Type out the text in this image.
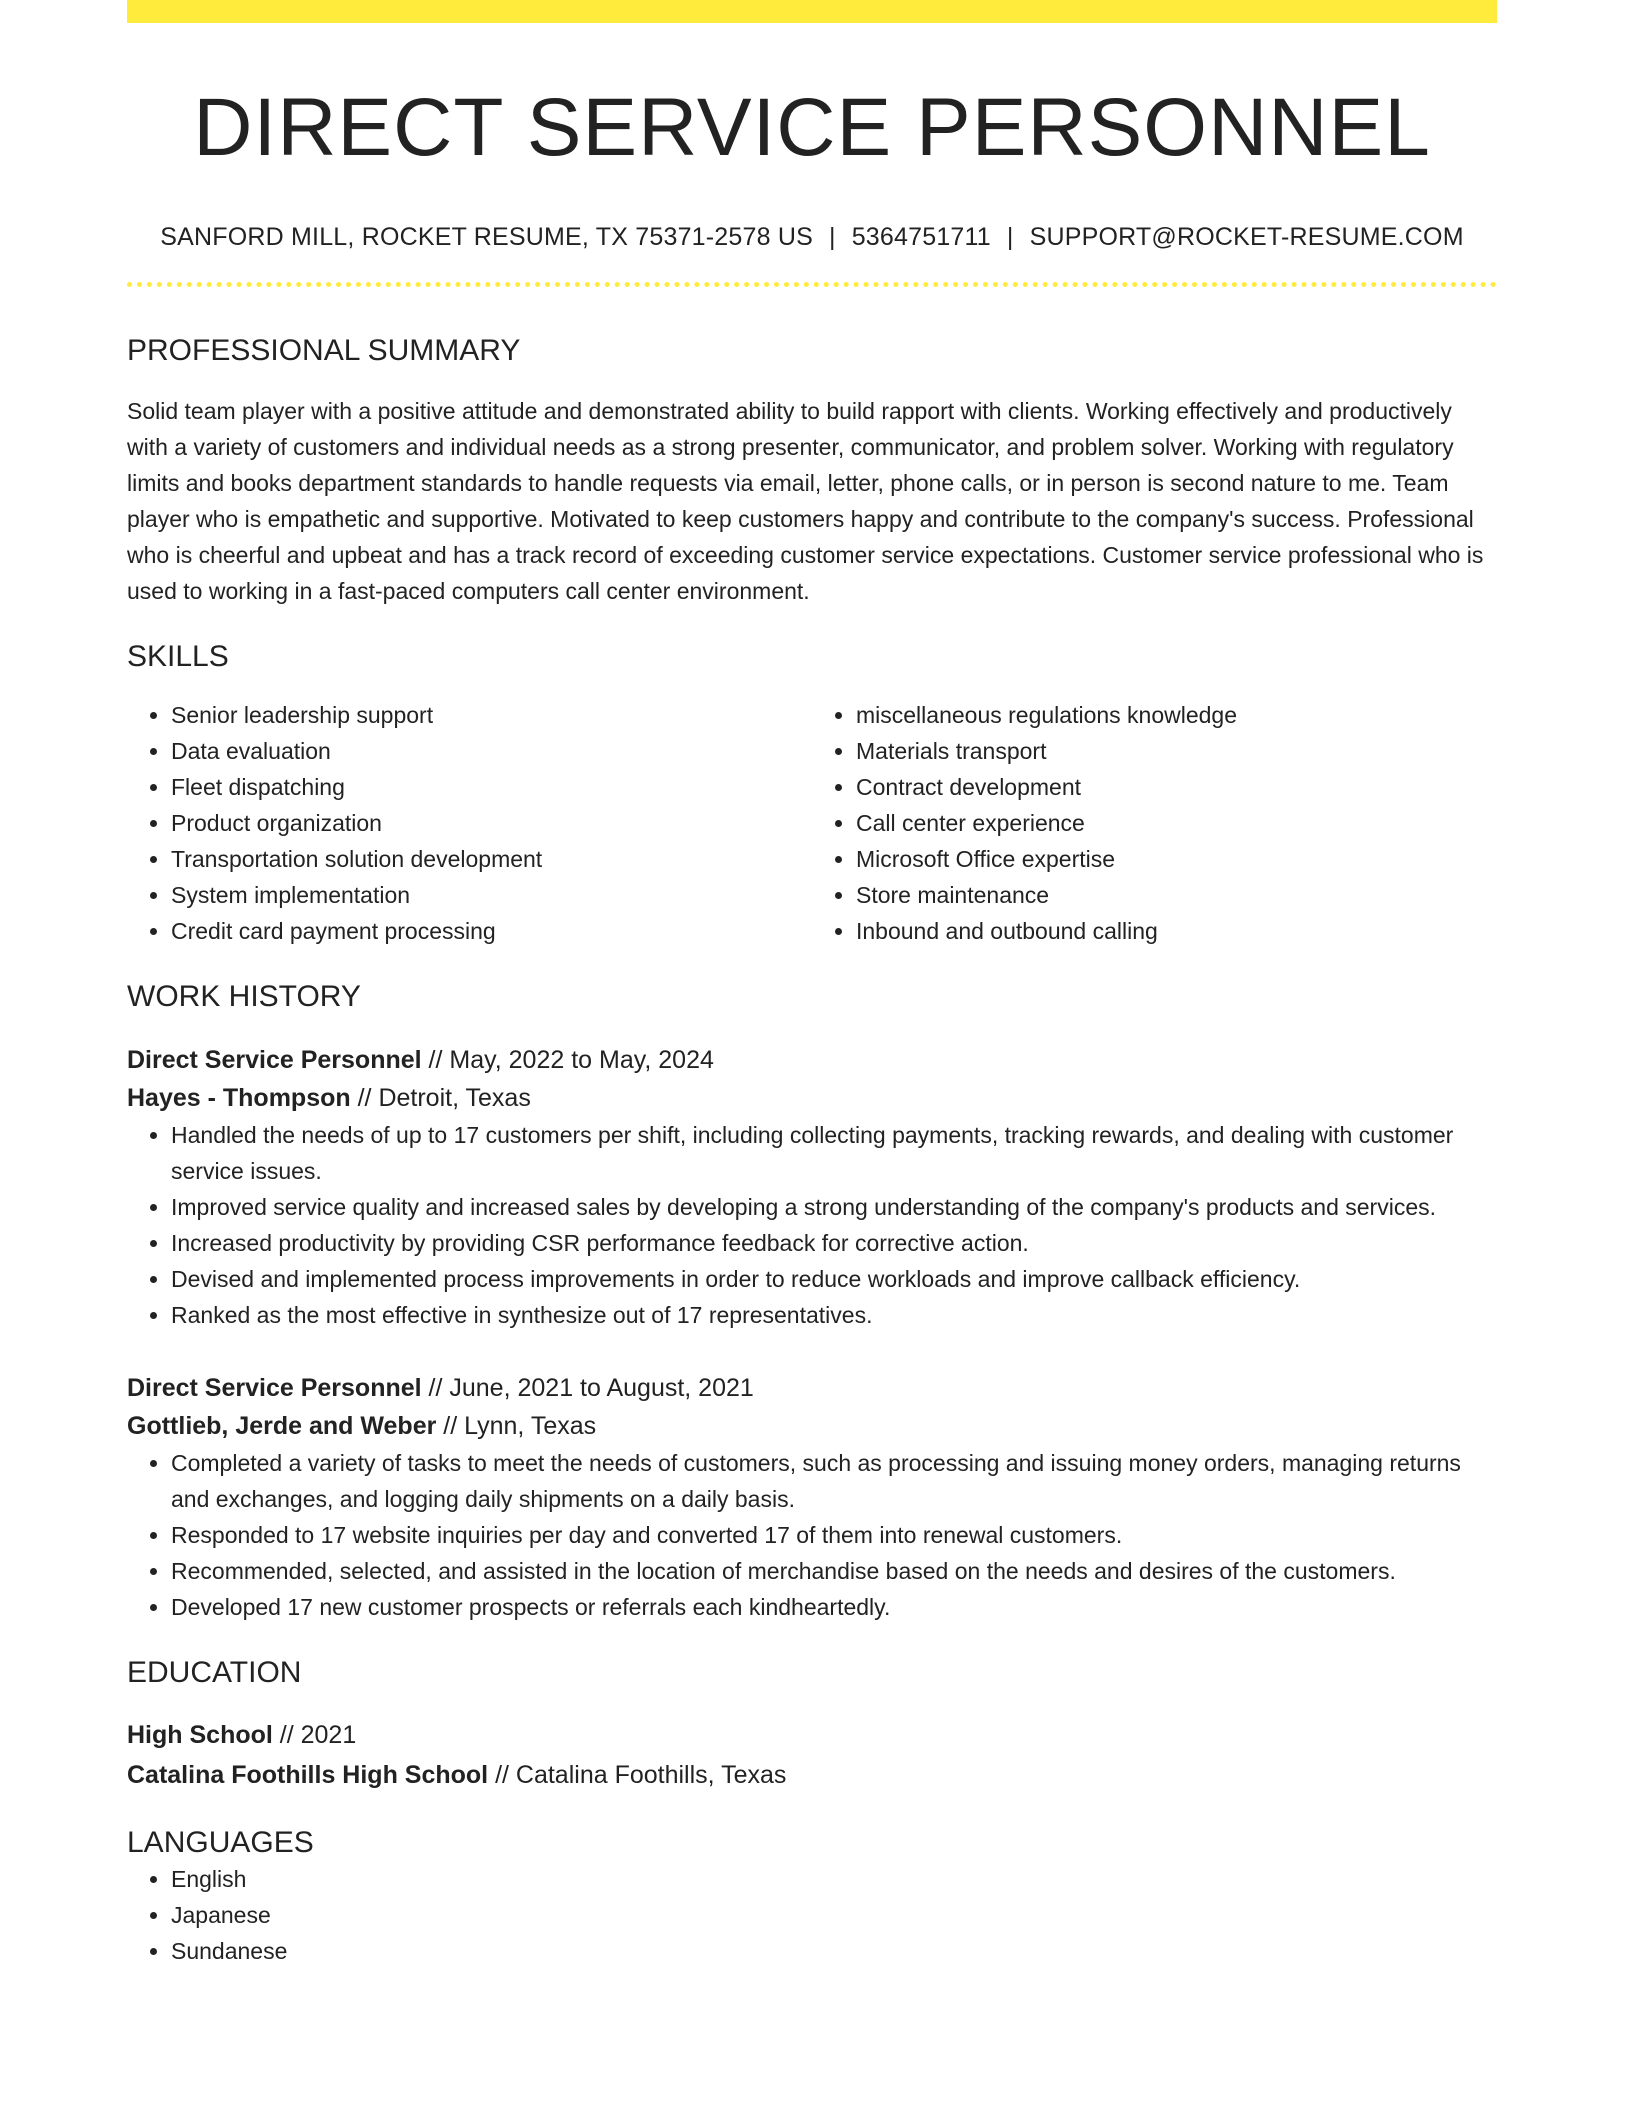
DIRECT SERVICE PERSONNEL
SANFORD MILL, ROCKET RESUME, TX 75371-2578 US | 5364751711 | SUPPORT@ROCKET-RESUME.COM
PROFESSIONAL SUMMARY

Solid team player with a positive attitude and demonstrated ability to build rapport with clients. Working effectively and productively with a variety of customers and individual needs as a strong presenter, communicator, and problem solver. Working with regulatory limits and books department standards to handle requests via email, letter, phone calls, or in person is second nature to me. Team player who is empathetic and supportive. Motivated to keep customers happy and contribute to the company's success. Professional who is cheerful and upbeat and has a track record of exceeding customer service expectations. Customer service professional who is used to working in a fast-paced computers call center environment.

SKILLS
• Senior leadership support
• Data evaluation
• Fleet dispatching
• Product organization
• Transportation solution development
• System implementation
• Credit card payment processing
• miscellaneous regulations knowledge
• Materials transport
• Contract development
• Call center experience
• Microsoft Office expertise
• Store maintenance
• Inbound and outbound calling
WORK HISTORY
Direct Service Personnel // May, 2022 to May, 2024
Hayes - Thompson // Detroit, Texas
• Handled the needs of up to 17 customers per shift, including collecting payments, tracking rewards, and dealing with customer service issues.
• Improved service quality and increased sales by developing a strong understanding of the company's products and services.
• Increased productivity by providing CSR performance feedback for corrective action.
• Devised and implemented process improvements in order to reduce workloads and improve callback efficiency.
• Ranked as the most effective in synthesize out of 17 representatives.
Direct Service Personnel // June, 2021 to August, 2021
Gottlieb, Jerde and Weber // Lynn, Texas
• Completed a variety of tasks to meet the needs of customers, such as processing and issuing money orders, managing returns and exchanges, and logging daily shipments on a daily basis.
• Responded to 17 website inquiries per day and converted 17 of them into renewal customers.
• Recommended, selected, and assisted in the location of merchandise based on the needs and desires of the customers.
• Developed 17 new customer prospects or referrals each kindheartedly.
EDUCATION
High School // 2021
Catalina Foothills High School // Catalina Foothills, Texas
LANGUAGES
• English
• Japanese
• Sundanese
